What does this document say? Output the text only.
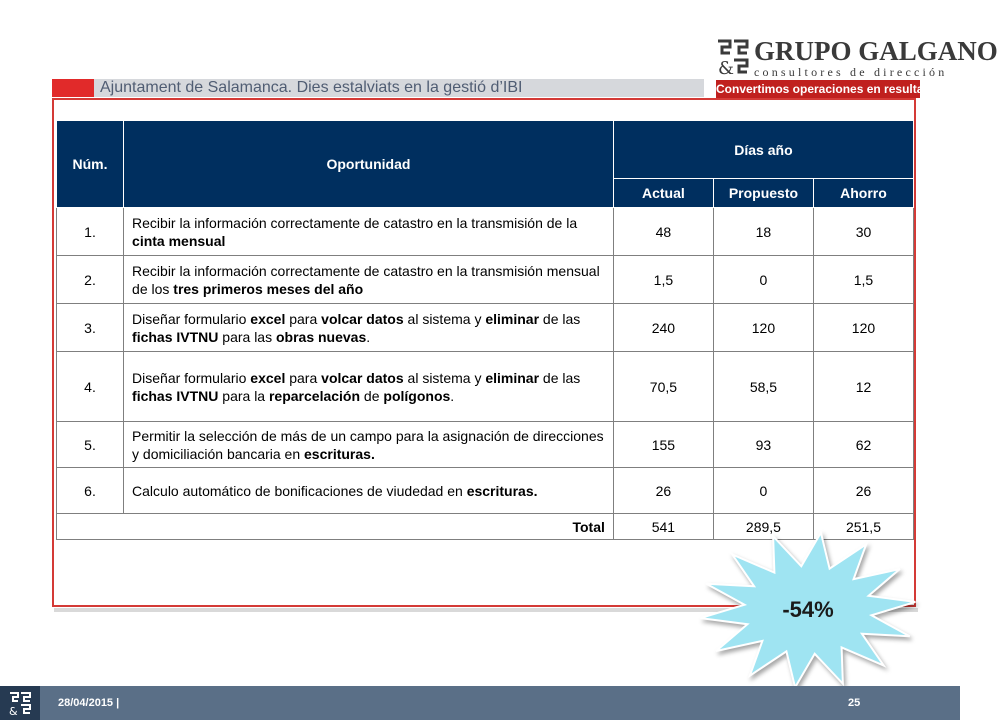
&
GRUPO GALGANO
consultores de dirección
Convertimos operaciones en resultados
Ajuntament de Salamanca. Dies estalviats en la gestió d’IBI
Núm.	Oportunidad	Días año		
		Actual	Propuesto	Ahorro
1.	Recibir la información correctamente de catastro en la transmisión de la cinta mensual	48	18	30
2.	Recibir la información correctamente de catastro en la transmisión mensual de los tres primeros meses del año	1,5	0	1,5
3.	Diseñar formulario excel para volcar datos al sistema y eliminar de las fichas IVTNU para las obras nuevas.	240	120	120
4.	Diseñar formulario excel para volcar datos al sistema y eliminar de las fichas IVTNU para la reparcelación de polígonos.	70,5	58,5	12
5.	Permitir la selección de más de un campo para la asignación de direcciones y domiciliación bancaria en escrituras.	155	93	62
6.	Calculo automático de bonificaciones de viudedad en escrituras.	26	0	26
Total		541	289,5	251,5
-54%
&
28/04/2015 |	25
